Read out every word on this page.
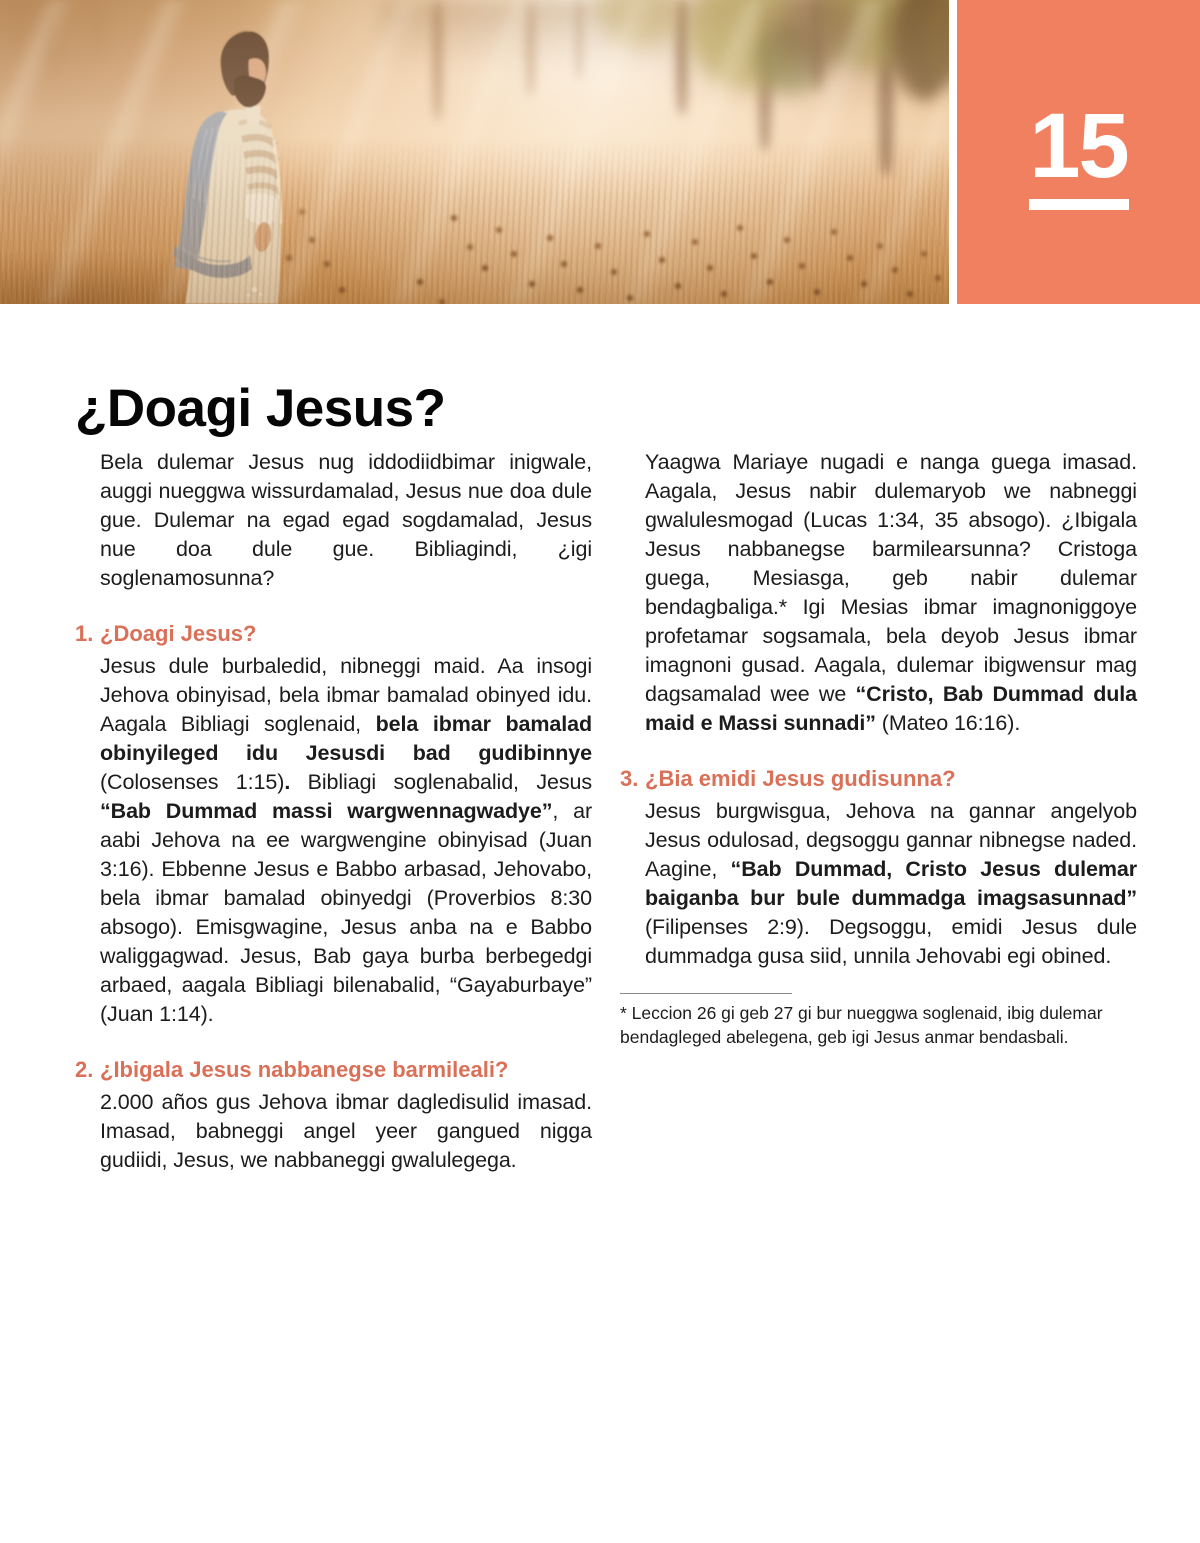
15
¿Doagi Jesus?

Bela dulemar Jesus nug iddodiidbimar inigwale, auggi nueggwa wissurdamalad, Jesus nue doa dule gue. Dulemar na egad egad sogdamalad, Jesus nue doa dule gue. Bibliagindi, ¿igi soglenamosunna?

1. ¿Doagi Jesus?

Jesus dule burbaledid, nibneggi maid. Aa insogi Jehova obinyisad, bela ibmar bamalad obinyed idu. Aagala Bibliagi soglenaid, bela ibmar bamalad obinyileged idu Jesusdi bad gudibinnye (Colosenses 1:15). Bibliagi soglenabalid, Jesus “Bab Dummad massi wargwennagwadye”, ar aabi Jehova na ee wargwengine obinyisad (Juan 3:16). Ebbenne Jesus e Babbo arbasad, Jehovabo, bela ibmar bamalad obinyedgi (Proverbios 8:30 absogo). Emisgwagine, Jesus anba na e Babbo waliggagwad. Jesus, Bab gaya burba berbegedgi arbaed, aagala Bibliagi bilenabalid, “Gayaburbaye” (Juan 1:14).

2. ¿Ibigala Jesus nabbanegse barmileali?

2.000 años gus Jehova ibmar dagledisulid imasad. Imasad, babneggi angel yeer gangued nigga gudiidi, Jesus, we nabbaneggi gwalulegega.

Yaagwa Mariaye nugadi e nanga guega imasad. Aagala, Jesus nabir dulemaryob we nabneggi gwalulesmogad (Lucas 1:34, 35 absogo). ¿Ibigala Jesus nabbanegse barmilearsunna? Cristoga guega, Mesiasga, geb nabir dulemar bendagbaliga.* Igi Mesias ibmar imagnoniggoye profetamar sogsamala, bela deyob Jesus ibmar imagnoni gusad. Aagala, dulemar ibigwensur mag dagsamalad wee we “Cristo, Bab Dummad dula maid e Massi sunnadi” (Mateo 16:16).

3. ¿Bia emidi Jesus gudisunna?

Jesus burgwisgua, Jehova na gannar angelyob Jesus odulosad, degsoggu gannar nibnegse naded. Aagine, “Bab Dummad, Cristo Jesus dulemar baiganba bur bule dummadga imagsasunnad” (Filipenses 2:9). Degsoggu, emidi Jesus dule dummadga gusa siid, unnila Jehovabi egi obined.

* Leccion 26 gi geb 27 gi bur nueggwa soglenaid, ibig dulemar bendagleged abelegena, geb igi Jesus anmar bendasbali.
